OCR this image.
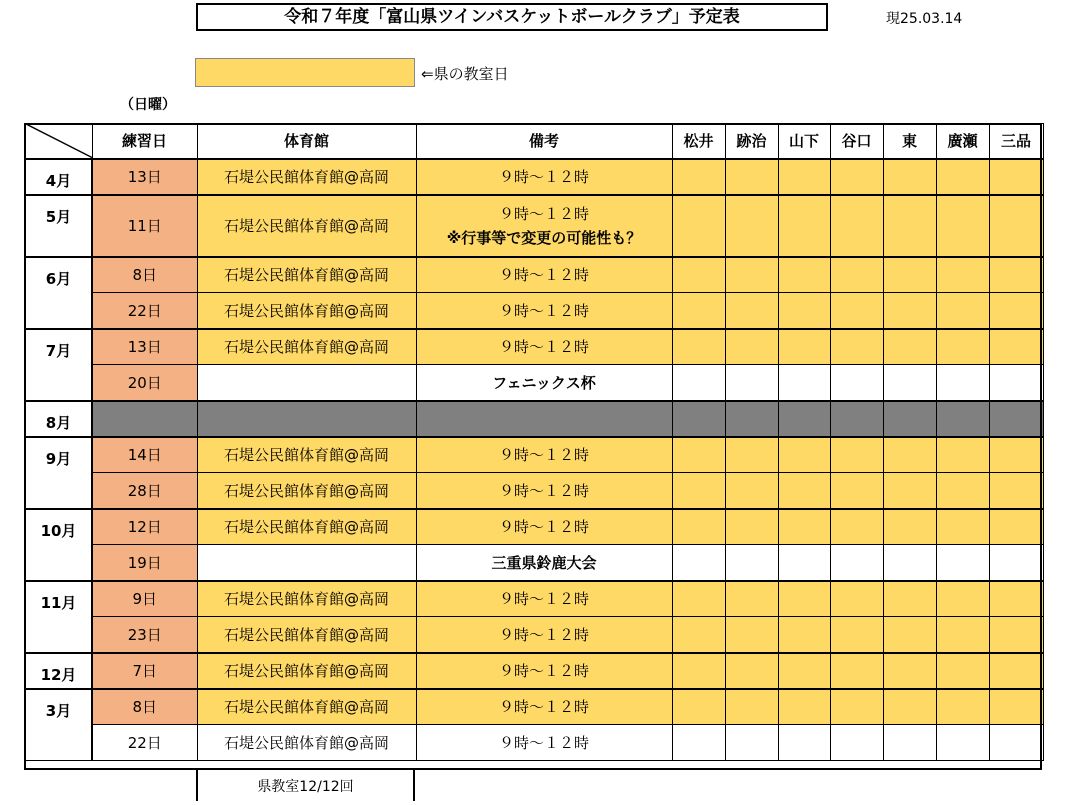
令和７年度「富山県ツインバスケットボールクラブ」予定表	現25.03.14
⇐県の教室日
（日曜）
	練習日	体育館	備考	松井	跡治	山下	谷口	東	廣瀬	三品
4月	13日	石堤公民館体育館@高岡	９時～１２時							
5月	11日	石堤公民館体育館@高岡	９時～１２時
※行事等で変更の可能性も？							

6月	8日	石堤公民館体育館@高岡	９時～１２時							
	22日	石堤公民館体育館@高岡	９時～１２時							
7月	13日	石堤公民館体育館@高岡	９時～１２時							
	20日		フェニックス杯							
8月										
9月	14日	石堤公民館体育館@高岡	９時～１２時							
	28日	石堤公民館体育館@高岡	９時～１２時							
10月	12日	石堤公民館体育館@高岡	９時～１２時							
	19日		三重県鈴鹿大会							
11月	9日	石堤公民館体育館@高岡	９時～１２時							
	23日	石堤公民館体育館@高岡	９時～１２時							
12月	7日	石堤公民館体育館@高岡	９時～１２時							
3月	8日	石堤公民館体育館@高岡	９時～１２時							
	22日	石堤公民館体育館@高岡	９時～１２時							
県教室12/12回
